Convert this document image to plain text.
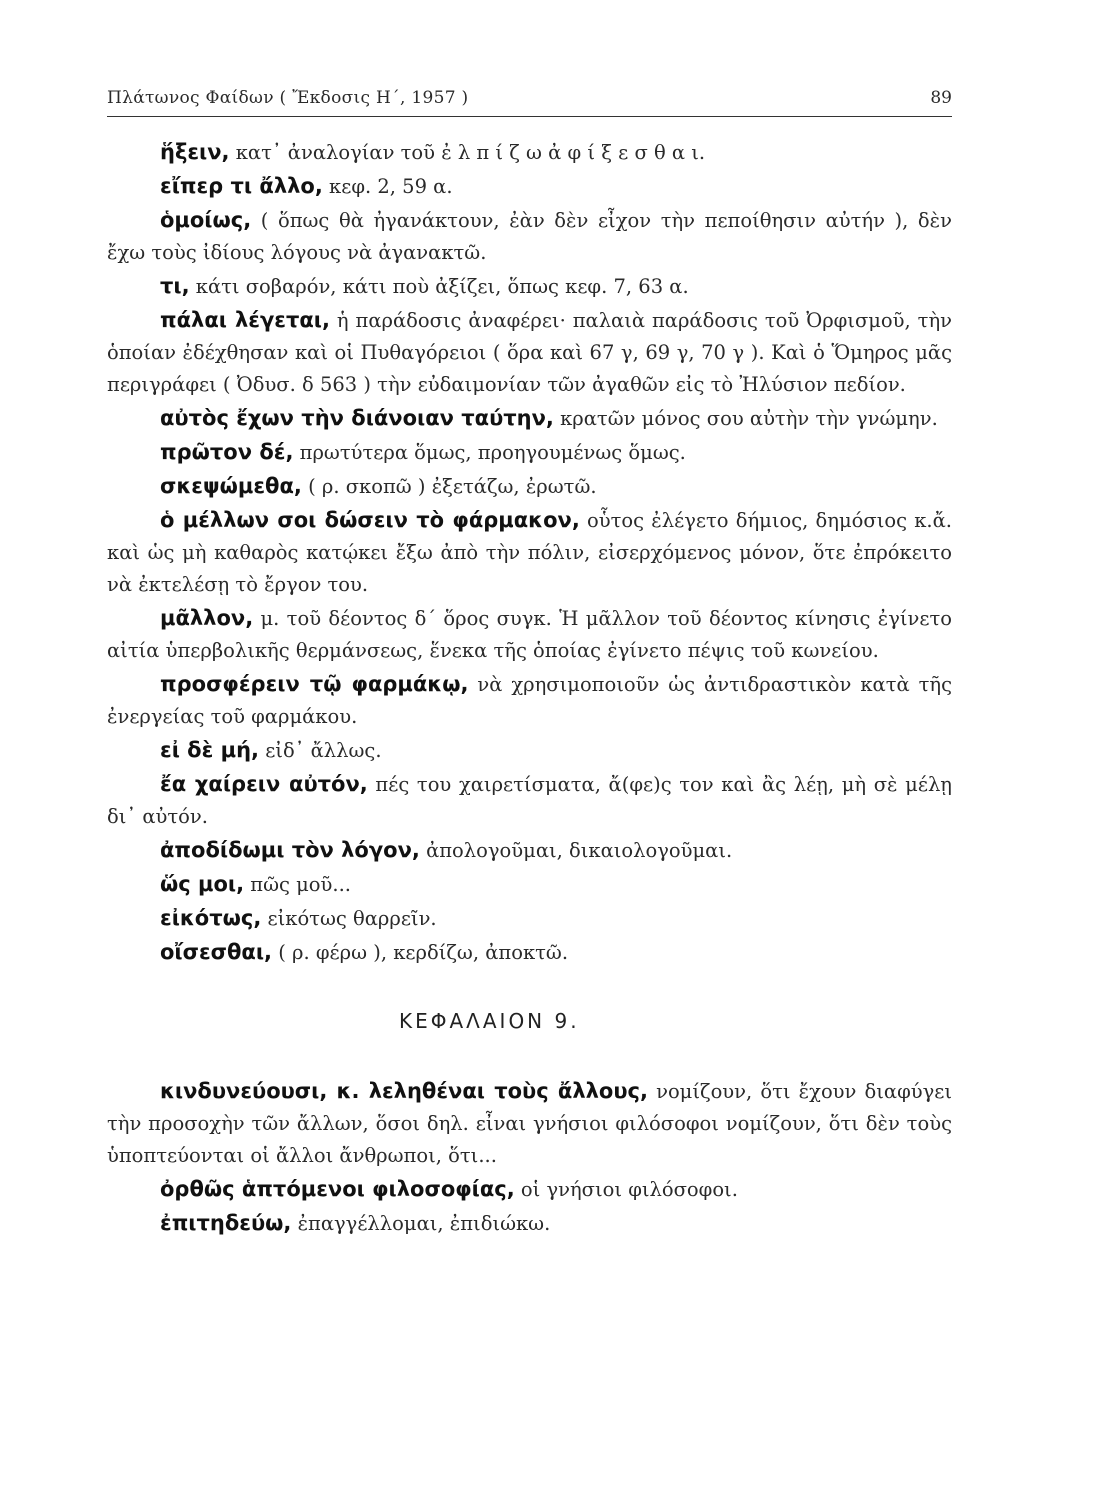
Πλάτωνος Φαίδων ( Ἔκδοσις Η΄, 1957 )	89

ἥξειν, κατ᾽ ἀναλογίαν τοῦ ἐ λ π ί ζ ω ἀ φ ί ξ ε σ θ α ι.

εἴπερ τι ἄλλο, κεφ. 2, 59 α.

ὁμοίως, ( ὅπως θὰ ἠγανάκτουν, ἐὰν δὲν εἶχον τὴν πεποίθησιν αὐτήν ), δὲν ἔχω τοὺς ἰδίους λόγους νὰ ἀγανακτῶ.

τι, κάτι σοβαρόν, κάτι ποὺ ἀξίζει, ὅπως κεφ. 7, 63 α.

πάλαι λέγεται, ἡ παράδοσις ἀναφέρει· παλαιὰ παράδοσις τοῦ Ὀρφισμοῦ, τὴν ὁποίαν ἐδέχθησαν καὶ οἱ Πυθαγόρειοι ( ὅρα καὶ 67 γ, 69 γ, 70 γ ). Καὶ ὁ Ὅμηρος μᾶς περιγράφει ( Ὀδυσ. δ 563 ) τὴν εὐδαιμονίαν τῶν ἀγαθῶν εἰς τὸ Ἠλύσιον πεδίον.

αὐτὸς ἔχων τὴν διάνοιαν ταύτην, κρατῶν μόνος σου αὐτὴν τὴν γνώμην.

πρῶτον δέ, πρωτύτερα ὅμως, προηγουμένως ὅμως.

σκεψώμεθα, ( ρ. σκοπῶ ) ἐξετάζω, ἐρωτῶ.

ὁ μέλλων σοι δώσειν τὸ φάρμακον, οὗτος ἐλέγετο δήμιος, δημόσιος κ.ἄ. καὶ ὡς μὴ καθαρὸς κατῴκει ἔξω ἀπὸ τὴν πόλιν, εἰσερχόμενος μόνον, ὅτε ἐπρόκειτο νὰ ἐκτελέσῃ τὸ ἔργον του.

μᾶλλον, μ. τοῦ δέοντος δ΄ ὅρος συγκ. Ἡ μᾶλλον τοῦ δέοντος κίνησις ἐγίνετο αἰτία ὑπερβολικῆς θερμάνσεως, ἕνεκα τῆς ὁποίας ἐγίνετο πέψις τοῦ κωνείου.

προσφέρειν τῷ φαρμάκῳ, νὰ χρησιμοποιοῦν ὡς ἀντιδραστικὸν κατὰ τῆς ἐνεργείας τοῦ φαρμάκου.

εἰ δὲ μή, εἰδ᾽ ἄλλως.

ἔα χαίρειν αὐτόν, πές του χαιρετίσματα, ἄ(φε)ς τον καὶ ἂς λέῃ, μὴ σὲ μέλῃ δι᾽ αὐτόν.

ἀποδίδωμι τὸν λόγον, ἀπολογοῦμαι, δικαιολογοῦμαι.

ὥς μοι, πῶς μοῦ...

εἰκότως, εἰκότως θαρρεῖν.

οἴσεσθαι, ( ρ. φέρω ), κερδίζω, ἀποκτῶ.

ΚΕΦΑΛΑΙΟΝ 9.

κινδυνεύουσι, κ. λεληθέναι τοὺς ἄλλους, νομίζουν, ὅτι ἔχουν διαφύγει τὴν προσοχὴν τῶν ἄλλων, ὅσοι δηλ. εἶναι γνήσιοι φιλόσοφοι νομίζουν, ὅτι δὲν τοὺς ὑποπτεύονται οἱ ἄλλοι ἄνθρωποι, ὅτι...

ὀρθῶς ἁπτόμενοι φιλοσοφίας, οἱ γνήσιοι φιλόσοφοι.

ἐπιτηδεύω, ἐπαγγέλλομαι, ἐπιδιώκω.
